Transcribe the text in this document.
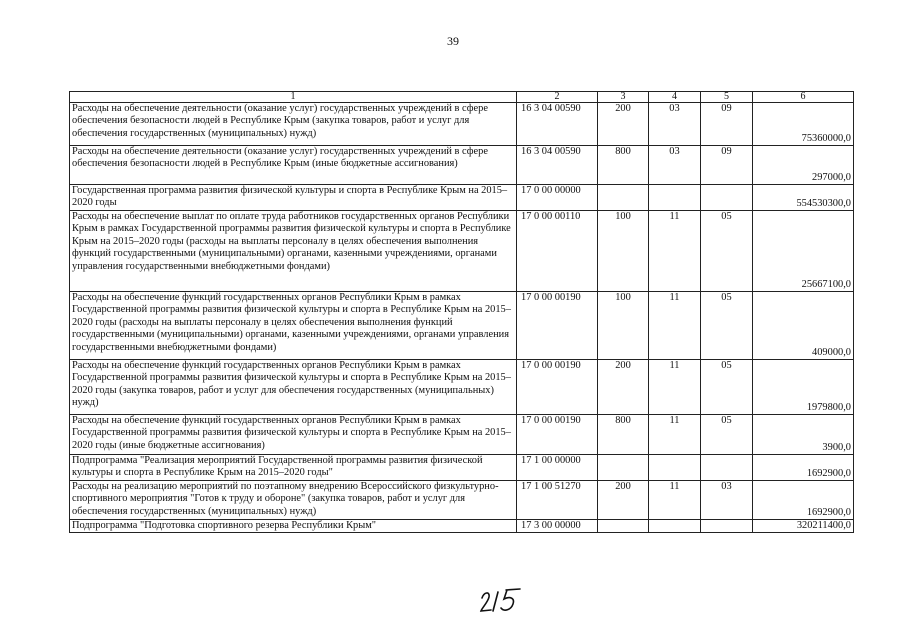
39
1	2	3	4	5	6
Расходы на обеспечение деятельности (оказание услуг) государственных учреждений в сфере обеспечения безопасности людей в Республике Крым (закупка товаров, работ и услуг для обеспечения государственных (муниципальных) нужд)	16 3 04 00590	200	03	09	75360000,0
Расходы на обеспечение деятельности (оказание услуг) государственных учреждений в сфере обеспечения безопасности людей в Республике Крым (иные бюджетные ассигнования)	16 3 04 00590	800	03	09	297000,0
Государственная программа развития физической культуры и спорта в Республике Крым на 2015–2020 годы	17 0 00 00000				554530300,0
Расходы на обеспечение выплат по оплате труда работников государственных органов Республики Крым в рамках Государственной программы развития физической культуры и спорта в Республике Крым на 2015–2020 годы (расходы на выплаты персоналу в целях обеспечения выполнения функций государственными (муниципальными) органами, казенными учреждениями, органами управления государственными внебюджетными фондами)	17 0 00 00110	100	11	05	25667100,0
Расходы на обеспечение функций государственных органов Республики Крым в рамках Государственной программы развития физической культуры и спорта в Республике Крым на 2015–2020 годы (расходы на выплаты персоналу в целях обеспечения выполнения функций государственными (муниципальными) органами, казенными учреждениями, органами управления государственными внебюджетными фондами)	17 0 00 00190	100	11	05	409000,0
Расходы на обеспечение функций государственных органов Республики Крым в рамках Государственной программы развития физической культуры и спорта в Республике Крым на 2015–2020 годы (закупка товаров, работ и услуг для обеспечения государственных (муниципальных) нужд)	17 0 00 00190	200	11	05	1979800,0
Расходы на обеспечение функций государственных органов Республики Крым в рамках Государственной программы развития физической культуры и спорта в Республике Крым на 2015–2020 годы (иные бюджетные ассигнования)	17 0 00 00190	800	11	05	3900,0
Подпрограмма "Реализация мероприятий Государственной программы развития физической культуры и спорта в Республике Крым на 2015–2020 годы"	17 1 00 00000				1692900,0
Расходы на реализацию мероприятий по поэтапному внедрению Всероссийского физкультурно-спортивного мероприятия "Готов к труду и обороне" (закупка товаров, работ и услуг для обеспечения государственных (муниципальных) нужд)	17 1 00 51270	200	11	03	1692900,0
Подпрограмма "Подготовка спортивного резерва Республики Крым"	17 3 00 00000				320211400,0
